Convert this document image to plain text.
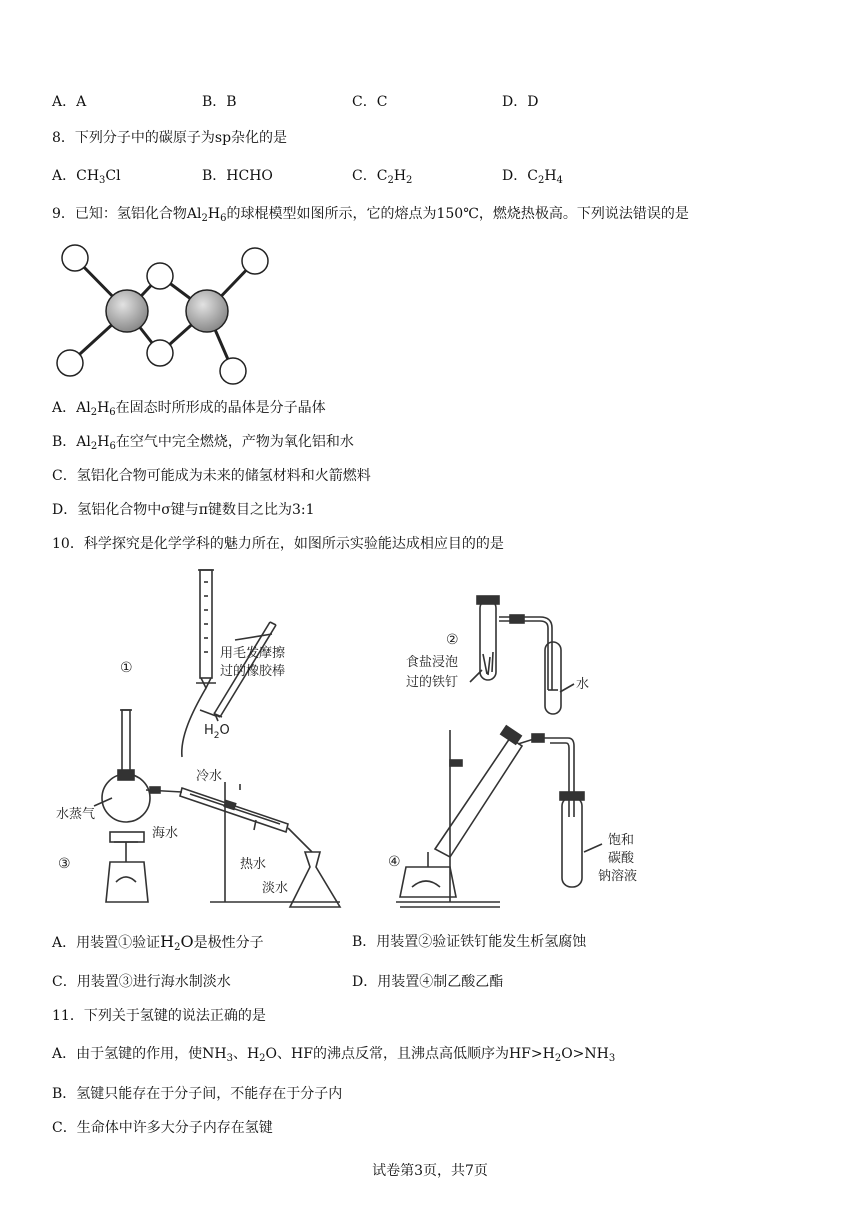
A．A	B．B	C．C	D．D
8．下列分子中的碳原子为sp杂化的是
A．$CH_3Cl$	B．HCHO	C．$C_2H_2$	D．$C_2H_4$
9．已知：氢铝化合物$Al_2H_6$的球棍模型如图所示，它的熔点为150℃，燃烧热极高。下列说法错误的是
A．$Al_2H_6$在固态时所形成的晶体是分子晶体
B．$Al_2H_6$在空气中完全燃烧，产物为氧化铝和水
C．氢铝化合物可能成为未来的储氢材料和火箭燃料
D．氢铝化合物中σ键与π键数目之比为3:1
10．科学探究是化学学科的魅力所在，如图所示实验能达成相应目的的是
①
用毛发摩擦
过的橡胶棒
$H_2O$
②
食盐浸泡
过的铁钉	水
水蒸气
海水
冷水
热水
淡水
③	④
饱和
碳酸
钠溶液
A．用装置①验证$H_2O$是极性分子	B．用装置②验证铁钉能发生析氢腐蚀
C．用装置③进行海水制淡水	D．用装置④制乙酸乙酯
11．下列关于氢键的说法正确的是
A．由于氢键的作用，使$NH_3$、$H_2O$、HF的沸点反常，且沸点高低顺序为$HF>H_2O>NH_3$
B．氢键只能存在于分子间，不能存在于分子内
C．生命体中许多大分子内存在氢键
试卷第3页，共7页
